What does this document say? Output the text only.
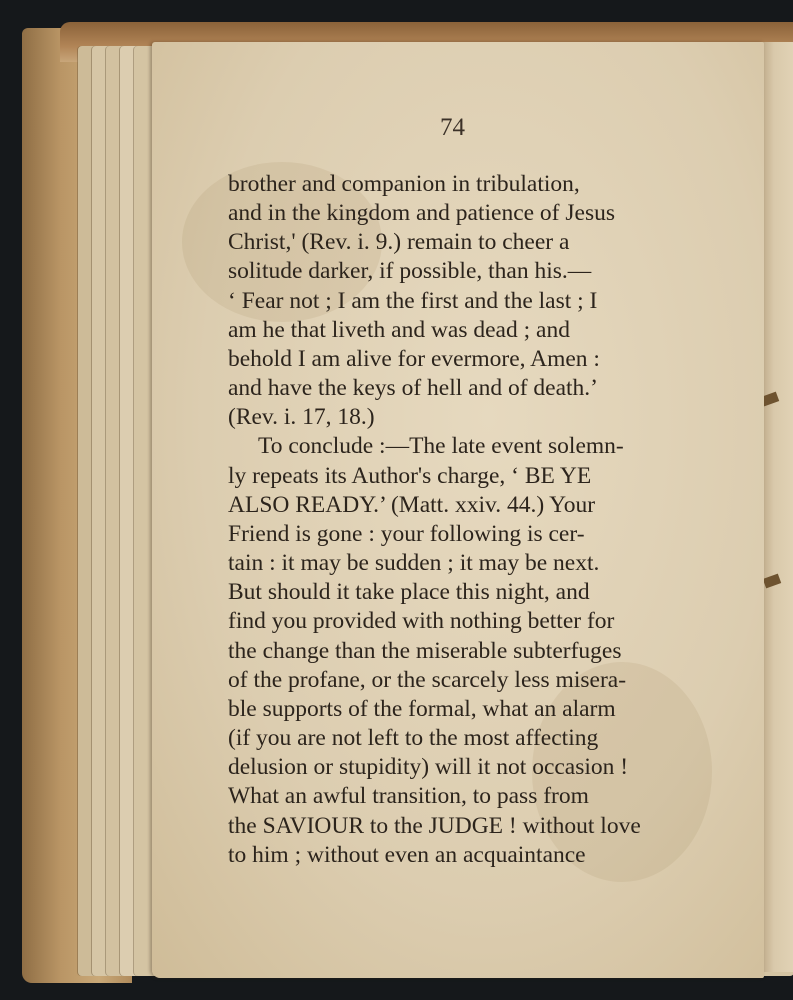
74
brother and companion in tribulation,
and in the kingdom and patience of Jesus
Christ,' (Rev. i. 9.) remain to cheer a
solitude darker, if possible, than his.—
‘ Fear not ; I am the first and the last ; I
am he that liveth and was dead ; and
behold I am alive for evermore, Amen :
and have the keys of hell and of death.’
(Rev. i. 17, 18.)
To conclude :—The late event solemn-
ly repeats its Author's charge, ‘ BE YE
ALSO READY.’ (Matt. xxiv. 44.) Your
Friend is gone : your following is cer-
tain : it may be sudden ; it may be next.
But should it take place this night, and
find you provided with nothing better for
the change than the miserable subterfuges
of the profane, or the scarcely less misera-
ble supports of the formal, what an alarm
(if you are not left to the most affecting
delusion or stupidity) will it not occasion !
What an awful transition, to pass from
the SAVIOUR to the JUDGE ! without love
to him ; without even an acquaintance
